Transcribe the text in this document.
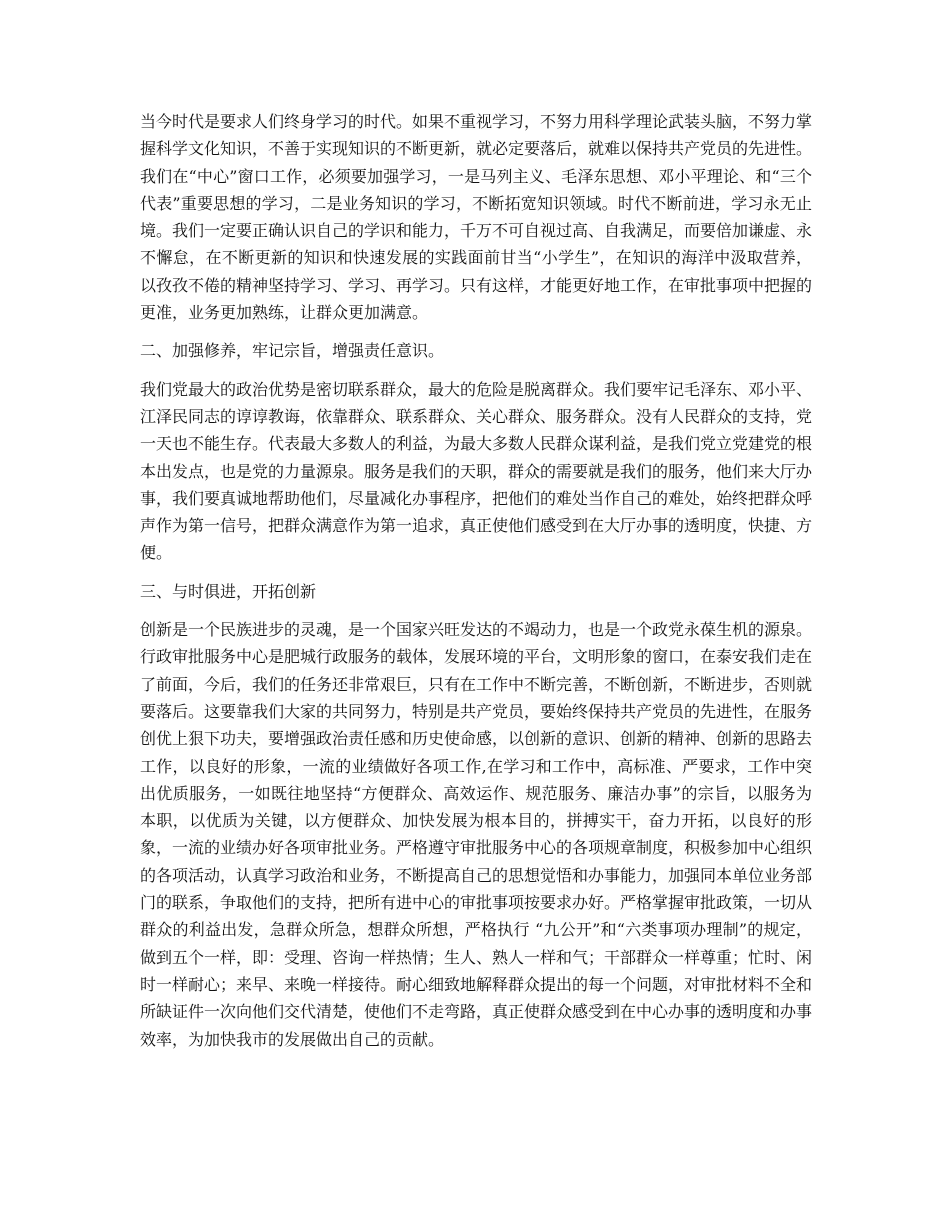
当今时代是要求人们终身学习的时代。如果不重视学习，不努力用科学理论武装头脑，不努力掌握科学文化知识，不善于实现知识的不断更新，就必定要落后，就难以保持共产党员的先进性。我们在“中心”窗口工作，必须要加强学习，一是马列主义、毛泽东思想、邓小平理论、和“三个代表”重要思想的学习，二是业务知识的学习，不断拓宽知识领域。时代不断前进，学习永无止境。我们一定要正确认识自己的学识和能力，千万不可自视过高、自我满足，而要倍加谦虚、永不懈怠，在不断更新的知识和快速发展的实践面前甘当“小学生”，在知识的海洋中汲取营养，以孜孜不倦的精神坚持学习、学习、再学习。只有这样，才能更好地工作，在审批事项中把握的更准，业务更加熟练，让群众更加满意。

二、加强修养，牢记宗旨，增强责任意识。

我们党最大的政治优势是密切联系群众，最大的危险是脱离群众。我们要牢记毛泽东、邓小平、江泽民同志的谆谆教诲，依靠群众、联系群众、关心群众、服务群众。没有人民群众的支持，党一天也不能生存。代表最大多数人的利益，为最大多数人民群众谋利益，是我们党立党建党的根本出发点，也是党的力量源泉。服务是我们的天职，群众的需要就是我们的服务，他们来大厅办事，我们要真诚地帮助他们，尽量减化办事程序，把他们的难处当作自己的难处，始终把群众呼声作为第一信号，把群众满意作为第一追求，真正使他们感受到在大厅办事的透明度，快捷、方便。

三、与时俱进，开拓创新

创新是一个民族进步的灵魂，是一个国家兴旺发达的不竭动力，也是一个政党永葆生机的源泉。行政审批服务中心是肥城行政服务的载体，发展环境的平台，文明形象的窗口，在泰安我们走在了前面，今后，我们的任务还非常艰巨，只有在工作中不断完善，不断创新，不断进步，否则就要落后。这要靠我们大家的共同努力，特别是共产党员，要始终保持共产党员的先进性，在服务创优上狠下功夫，要增强政治责任感和历史使命感，以创新的意识、创新的精神、创新的思路去工作，以良好的形象，一流的业绩做好各项工作,在学习和工作中，高标准、严要求，工作中突出优质服务，一如既往地坚持“方便群众、高效运作、规范服务、廉洁办事”的宗旨，以服务为本职，以优质为关键，以方便群众、加快发展为根本目的，拼搏实干，奋力开拓，以良好的形象，一流的业绩办好各项审批业务。严格遵守审批服务中心的各项规章制度，积极参加中心组织的各项活动，认真学习政治和业务，不断提高自己的思想觉悟和办事能力，加强同本单位业务部门的联系，争取他们的支持，把所有进中心的审批事项按要求办好。严格掌握审批政策，一切从群众的利益出发，急群众所急，想群众所想，严格执行 “九公开”和“六类事项办理制”的规定，做到五个一样，即：受理、咨询一样热情；生人、熟人一样和气；干部群众一样尊重；忙时、闲时一样耐心；来早、来晚一样接待。耐心细致地解释群众提出的每一个问题，对审批材料不全和所缺证件一次向他们交代清楚，使他们不走弯路，真正使群众感受到在中心办事的透明度和办事效率，为加快我市的发展做出自己的贡献。
